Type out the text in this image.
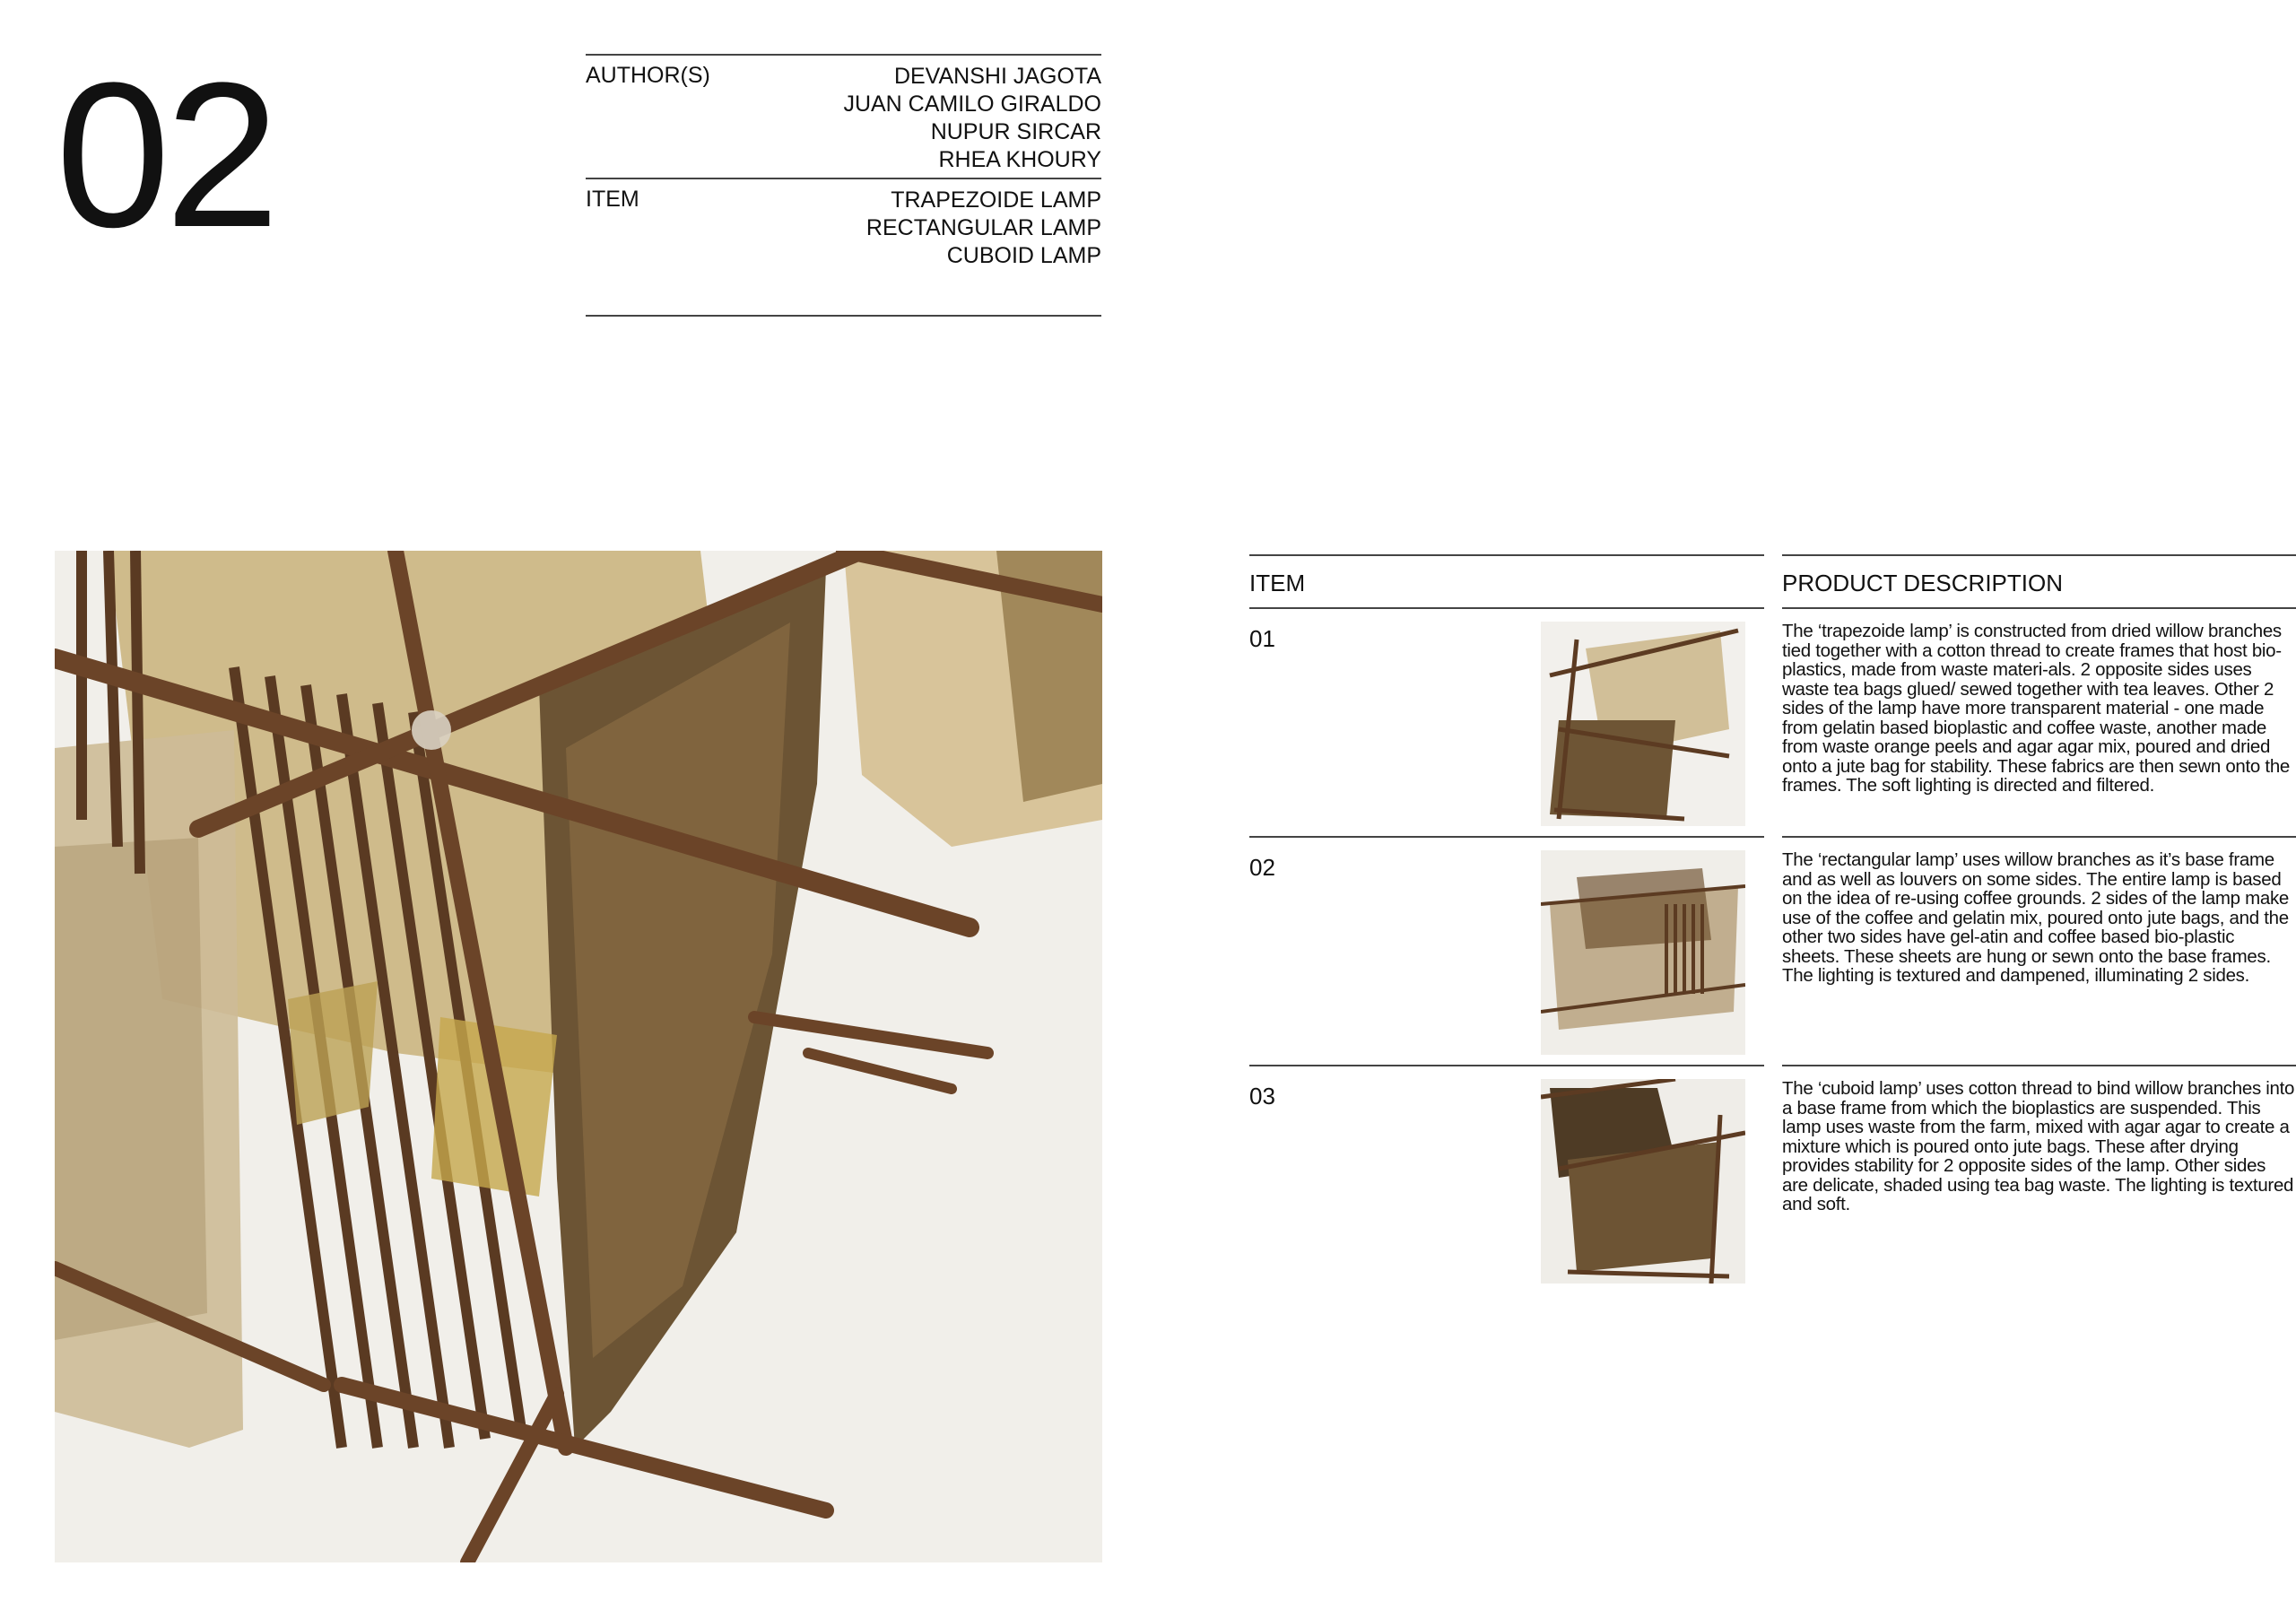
02	AUTHOR(S)	DEVANSHI JAGOTA
JUAN CAMILO GIRALDO
NUPUR SIRCAR
RHEA KHOURY
ITEM	TRAPEZOIDE LAMP
RECTANGULAR LAMP
CUBOID LAMP
ITEM	PRODUCT DESCRIPTION
01	The ‘trapezoide lamp’ is constructed from dried willow branches tied together with a cotton thread to create frames that host bio-plastics, made from waste materi-als. 2 opposite sides uses waste tea bags glued/ sewed together with tea leaves. Other 2 sides of the lamp have more transparent material - one made from gelatin based bioplastic and coffee waste, another made from waste orange peels and agar agar mix, poured and dried onto a jute bag for stability. These fabrics are then sewn onto the frames. The soft lighting is directed and filtered.

02	The ‘rectangular lamp’ uses willow branches as it’s base frame and as well as louvers on some sides. The entire lamp is based on the idea of re-using coffee grounds. 2 sides of the lamp make use of the coffee and gelatin mix, poured onto jute bags, and the other two sides have gel-atin and coffee based bio-plastic sheets. These sheets are hung or sewn onto the base frames. The lighting is textured and dampened, illuminating 2 sides.

03	The ‘cuboid lamp’ uses cotton thread to bind willow branches into a base frame from which the bioplastics are suspended. This lamp uses waste from the farm, mixed with agar agar to create a mixture which is poured onto jute bags. These after drying provides stability for 2 opposite sides of the lamp. Other sides are delicate, shaded using tea bag waste. The lighting is textured and soft.
